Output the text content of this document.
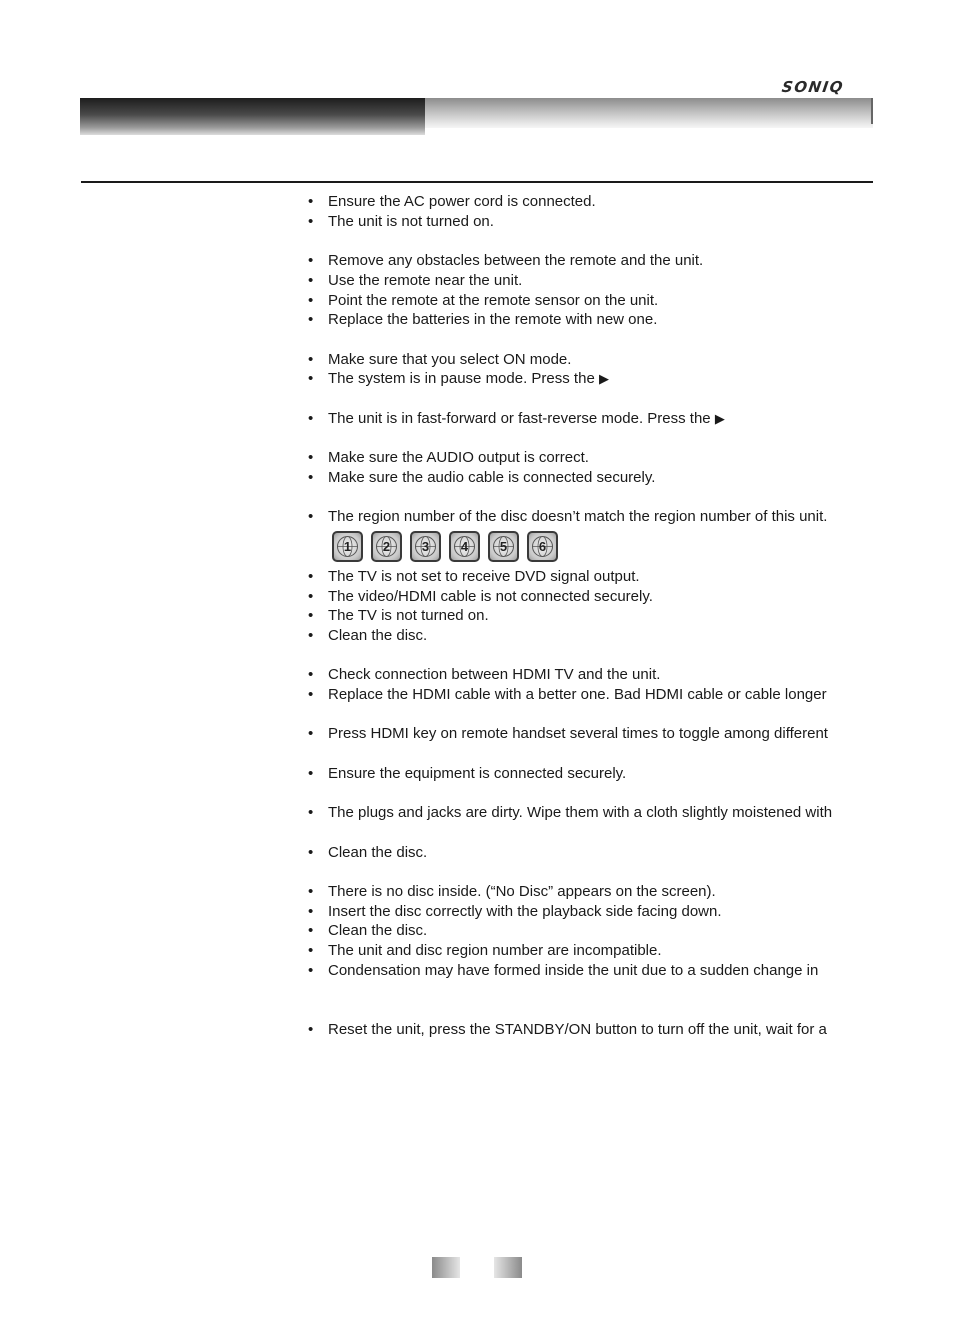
SONIQ
• Ensure the AC power cord is connected.
• The unit is not turned on.
• Remove any obstacles between the remote and the unit.
• Use the remote near the unit.
• Point the remote at the remote sensor on the unit.
• Replace the batteries in the remote with new one.
• Make sure that you select ON mode.
• The system is in pause mode. Press the ▶
• The unit is in fast-forward or fast-reverse mode. Press the ▶
• Make sure the AUDIO output is correct.
• Make sure the audio cable is connected securely.
• The region number of the disc doesn’t match the region number of this unit.
1	2	3	4	5	6
• The TV is not set to receive DVD signal output.
• The video/HDMI cable is not connected securely.
• The TV is not turned on.
• Clean the disc.
• Check connection between HDMI TV and the unit.
• Replace the HDMI cable with a better one. Bad HDMI cable or cable longer
• Press HDMI key on remote handset several times to toggle among different
• Ensure the equipment is connected securely.
• The plugs and jacks are dirty. Wipe them with a cloth slightly moistened with
• Clean the disc.
• There is no disc inside. (“No Disc” appears on the screen).
• Insert the disc correctly with the playback side facing down.
• Clean the disc.
• The unit and disc region number are incompatible.
• Condensation may have formed inside the unit due to a sudden change in
• Reset the unit, press the STANDBY/ON button to turn off the unit, wait for a
